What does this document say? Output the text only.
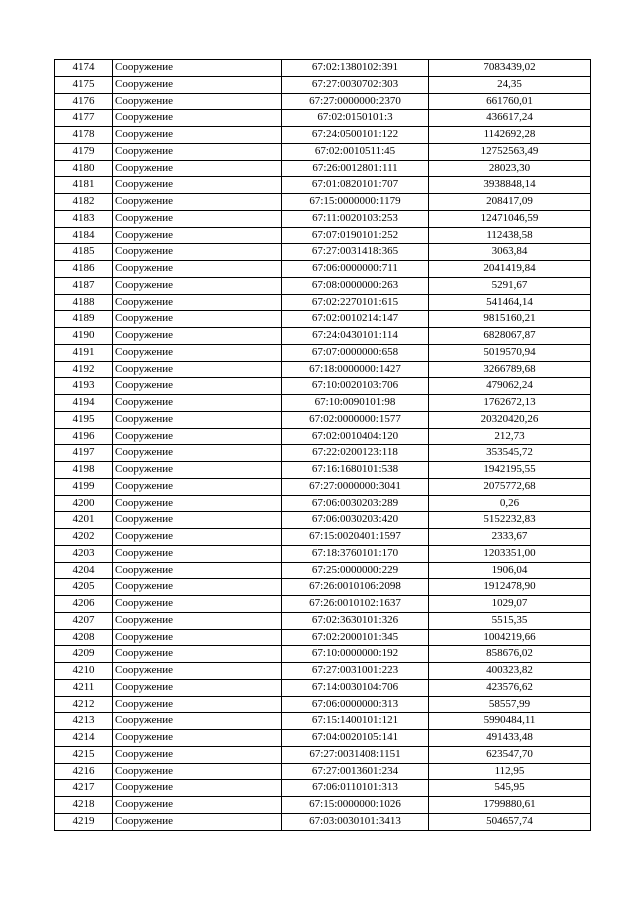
4174	Сооружение	67:02:1380102:391	7083439,02
4175	Сооружение	67:27:0030702:303	24,35
4176	Сооружение	67:27:0000000:2370	661760,01
4177	Сооружение	67:02:0150101:3	436617,24
4178	Сооружение	67:24:0500101:122	1142692,28
4179	Сооружение	67:02:0010511:45	12752563,49
4180	Сооружение	67:26:0012801:111	28023,30
4181	Сооружение	67:01:0820101:707	3938848,14
4182	Сооружение	67:15:0000000:1179	208417,09
4183	Сооружение	67:11:0020103:253	12471046,59
4184	Сооружение	67:07:0190101:252	112438,58
4185	Сооружение	67:27:0031418:365	3063,84
4186	Сооружение	67:06:0000000:711	2041419,84
4187	Сооружение	67:08:0000000:263	5291,67
4188	Сооружение	67:02:2270101:615	541464,14
4189	Сооружение	67:02:0010214:147	9815160,21
4190	Сооружение	67:24:0430101:114	6828067,87
4191	Сооружение	67:07:0000000:658	5019570,94
4192	Сооружение	67:18:0000000:1427	3266789,68
4193	Сооружение	67:10:0020103:706	479062,24
4194	Сооружение	67:10:0090101:98	1762672,13
4195	Сооружение	67:02:0000000:1577	20320420,26
4196	Сооружение	67:02:0010404:120	212,73
4197	Сооружение	67:22:0200123:118	353545,72
4198	Сооружение	67:16:1680101:538	1942195,55
4199	Сооружение	67:27:0000000:3041	2075772,68
4200	Сооружение	67:06:0030203:289	0,26
4201	Сооружение	67:06:0030203:420	5152232,83
4202	Сооружение	67:15:0020401:1597	2333,67
4203	Сооружение	67:18:3760101:170	1203351,00
4204	Сооружение	67:25:0000000:229	1906,04
4205	Сооружение	67:26:0010106:2098	1912478,90
4206	Сооружение	67:26:0010102:1637	1029,07
4207	Сооружение	67:02:3630101:326	5515,35
4208	Сооружение	67:02:2000101:345	1004219,66
4209	Сооружение	67:10:0000000:192	858676,02
4210	Сооружение	67:27:0031001:223	400323,82
4211	Сооружение	67:14:0030104:706	423576,62
4212	Сооружение	67:06:0000000:313	58557,99
4213	Сооружение	67:15:1400101:121	5990484,11
4214	Сооружение	67:04:0020105:141	491433,48
4215	Сооружение	67:27:0031408:1151	623547,70
4216	Сооружение	67:27:0013601:234	112,95
4217	Сооружение	67:06:0110101:313	545,95
4218	Сооружение	67:15:0000000:1026	1799880,61
4219	Сооружение	67:03:0030101:3413	504657,74
